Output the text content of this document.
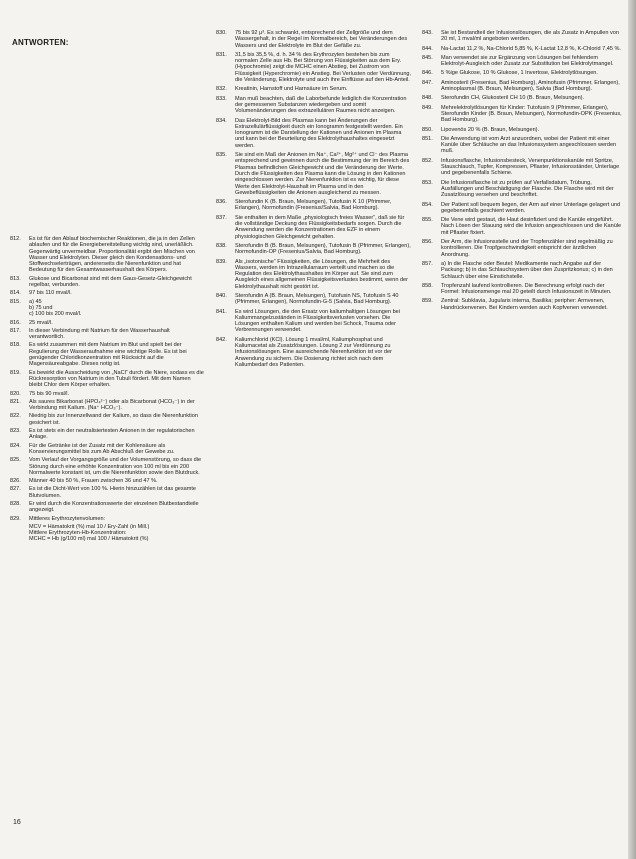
ANTWORTEN:
812.	Es ist für den Ablauf biochemischer Reaktionen, die ja in den Zellen ablaufen und für die Energiebereitstellung wichtig sind, unerläßlich. Gegenwärtig unvermeidbar. Proportionalität ergibt den Mischen von Wasser und Elektrolyten. Dieser gleich den Kondensations- und Stoffwechselerträgen, andererseits die Nierenfunktion und hat Bedeutung für den Gesamtwasserhaushalt des Körpers.
813.	Glukose und Bicarbonat sind mit dem Gaus-Gesetz-Gleichgewicht regelbar, verbunden.
814.	97 bis 110 mval/l.
815.	a) 45
b) 75 und
c) 100 bis 200 mval/l.
816.	25 mval/l.
817.	In dieser Verbindung mit Natrium für den Wasserhaushalt verantwortlich.
818.	Es wirkt zusammen mit dem Natrium im Blut und spielt bei der Regulierung der Wasseraufnahme eine wichtige Rolle. Es ist bei genügender Chloridkonzentration mit Rücksicht auf die Magensäureabgabe. Dieses notig ist.
819.	Es bewirkt die Ausscheidung von „NaCl“ durch die Niere, sodass es die Rückresorption von Natrium in den Tubuli fördert. Mit dem Namen bleibt Chlor dem Körper erhalten.
820.	75 bis 90 mval/l.
821.	Als saures Bikarbonat (HPO₄²⁻) oder als Bicarbonat (HCO₃⁻) in der Verbindung mit Kalium. (Na⁺ HCO₃⁻).
822.	Niedrig bis zur Innenzellwand der Kalium, so dass die Nierenfunktion gesichert ist.
823.	Es ist stets ein der neutralisiertesten Anionen in der regulatorischen Anlage.
824.	Für die Getränke ist der Zusatz mit der Kohlensäure als Konservierungsmittel bis zum Ab Abschluß der Gewebe zu.
825.	Vom Verlauf der Vorgangsgröße und der Volumenstörung, so dass die Störung durch eine erhöhte Konzentration von 100 ml bis ein 200 Normalwerte konstant ist, um die Nierenfunktion sowie den Blutdruck.
826.	Männer 40 bis 50 %, Frauen zwischen 36 und 47 %.
827.	Es ist die Dicht-Wert von 100 %. Hierin hinzuzählen ist das gesamte Blutvolumen.
828.	Er wird durch die Konzentrationswerte der einzelnen Blutbestandteile angezeigt.
829.	Mittleres Erythrozytenvolumen:
MCV = Hämatokrit (%) mal 10 / Ery-Zahl (in Mill.)
Mittlere Erythrozyten-Hb-Konzentration:
MCHC = Hb (g/100 ml) mal 100 / Hämatokrit (%)
830.	75 bis 92 µ³. Es schwankt, entsprechend der Zellgröße und dem Wassergehalt, in der Regel im Normalbereich, bei Veränderungen des Wassers und der Elektrolyte im Blut der Gefäße zu.
831.	31,5 bis 35,5 %, d. h. 34 % des Erythrozyten bestehen bis zum normalen Zelle aus Hb. Bei Störung von Flüssigkeiten aus dem Ery. (Hypochromie) zeigt die MCHC einen Abstieg, bei Zustrom von Flüssigkeit (Hyperchromie) ein Anstieg. Bei Verlusten oder Verdünnung, die Veränderung, Elektrolyte und auch ihre Einflüsse auf den Hb-Anteil.
832.	Kreatinin, Harnstoff und Harnsäure im Serum.
833.	Man muß beachten, daß die Laborbefunde lediglich die Konzentration der gemessenen Substanzen wiedergeben und somit Volumenänderungen des extrazellulären Raumes nicht anzeigen.
834.	Das Elektrolyt-Bild des Plasmas kann bei Änderungen der Extrazellulärflüssigkeit durch ein Ionogramm festgestellt werden. Ein Ionogramm ist die Darstellung der Kationen und Anionen im Plasma und kann bei der Beurteilung des Elektrolythaushaltes eingesetzt werden.
835.	Sie sind ein Maß der Anionen im Na⁺, Ca²⁺, Mg²⁺ und Cl⁻ des Plasma entsprechend und gewinnen durch die Bestimmung der im Bereich des Plasmas befindlichen Gleichgewicht und die Veränderung der Werte. Durch die Flüssigkeiten des Plasma kann die Lösung in den Kationen eingeschlossen werden. Zur Nierenfunktion ist es wichtig, für diese Werte den Elektrolyt-Haushalt im Plasma und in den Gewebeflüssigkeiten die Anionen ausgleichend zu messen.
836.	Sterofundin K (B. Braun, Melsungen), Tutofusin K 10 (Pfrimmer, Erlangen), Normofundin (Fresenius/Salvia, Bad Homburg).
837.	Sie enthalten in dem Maße „physiologisch freies Wasser“, daß sie für die vollständige Deckung des Flüssigkeitsbedarfs sorgen. Durch die Anwendung werden die Konzentrationen des EZF in einem physiologischen Gleichgewicht gehalten.
838.	Sterofundin B (B. Braun, Melsungen), Tutofusin B (Pfrimmer, Erlangen), Normofundin-OP (Fresenius/Salvia, Bad Homburg).
839.	Als „isotonische“ Flüssigkeiten, die Lösungen, die Mehrheit des Wassers, werden im Intrazellularraum verteilt und machen so die Regulation des Elektrolythaushaltes im Körper auf. Sie sind zum Ausgleich eines allgemeinen Flüssigkeitsverlustes bestimmt, wenn der Elektrolythaushalt nicht gestört ist.
840.	Sterofundin A (B. Braun, Melsungen), Tutofusin NS, Tutofusin S 40 (Pfrimmer, Erlangen), Normofundin-G-5 (Salvia, Bad Homburg).
841.	Es wird Lösungen, die den Ersatz von kaliumhaltigen Lösungen bei Kaliummangelzuständen in Flüssigkeitsverlusten vorsehen. Die Lösungen enthalten Kalium und werden bei Schock, Trauma oder Verbrennungen verwendet.
842.	Kaliumchlorid (KCl). Lösung 1 mval/ml, Kaliumphosphat und Kaliumacetat als Zusatzlösungen. Lösung 2 zur Verdünnung zu Infusionslösungen. Eine ausreichende Nierenfunktion ist vor der Anwendung zu sichern. Die Dosierung richtet sich nach dem Kaliumbedarf des Patienten.
843.	Sie ist Bestandteil der Infusionslösungen, die als Zusatz in Ampullen von 20 ml, 1 mval/ml angeboten werden.
844.	Na-Lactat 11,2 %, Na-Chlorid 5,85 %, K-Lactat 12,8 %, K-Chlorid 7,45 %.
845.	Man verwendet sie zur Ergänzung von Lösungen bei fehlendem Elektrolyt-Ausgleich oder Zusatz zur Substitution bei Elektrolytmangel.
846.	5 %ige Glukose, 10 % Glukose, 1 Invertose, Elektrolytlösungen.
847.	Aminosteril (Fresenius, Bad Homburg), Aminofusin (Pfrimmer, Erlangen), Aminoplasmal (B. Braun, Melsungen), Salvia (Bad Homburg).
848.	Sterofundin CH, Glukosteril CH 10 (B. Braun, Melsungen).
849.	Mehrelektrolytlösungen für Kinder: Tutofusin 9 (Pfrimmer, Erlangen), Sterofundin Kinder (B. Braun, Melsungen), Normofundin-OPK (Fresenius, Bad Homburg).
850.	Lipovenös 20 % (B. Braun, Melsungen).
851.	Die Anwendung ist vom Arzt anzuordnen, wobei der Patient mit einer Kanüle über Schläuche an das Infusionssystem angeschlossen werden muß.
852.	Infusionsflasche, Infusionsbesteck, Venenpunktionskanüle mit Spritze, Stauschlauch, Tupfer, Kompressen, Pflaster, Infusionsständer, Unterlage und gegebenenfalls Schiene.
853.	Die Infusionsflasche ist zu prüfen auf Verfallsdatum, Trübung, Ausfällungen und Beschädigung der Flasche. Die Flasche wird mit der Zusatzlösung versehen und beschriftet.
854.	Der Patient soll bequem liegen, der Arm auf einer Unterlage gelagert und gegebenenfalls geschient werden.
855.	Die Vene wird gestaut, die Haut desinfiziert und die Kanüle eingeführt. Nach Lösen der Stauung wird die Infusion angeschlossen und die Kanüle mit Pflaster fixiert.
856.	Der Arm, die Infusionsstelle und der Tropfenzähler sind regelmäßig zu kontrollieren. Die Tropfgeschwindigkeit entspricht der ärztlichen Anordnung.
857.	a) In die Flasche oder Beutel: Medikamente nach Angabe auf der Packung; b) in das Schlauchsystem über den Zuspritzkonus; c) in den Schlauch über eine Einstichstelle.
858.	Tropfenzahl laufend kontrollieren. Die Berechnung erfolgt nach der Formel: Infusionsmenge mal 20 geteilt durch Infusionszeit in Minuten.
859.	Zentral: Subklavia, Jugularis interna, Basilika; peripher: Armvenen, Handrückenvenen. Bei Kindern werden auch Kopfvenen verwendet.
16
